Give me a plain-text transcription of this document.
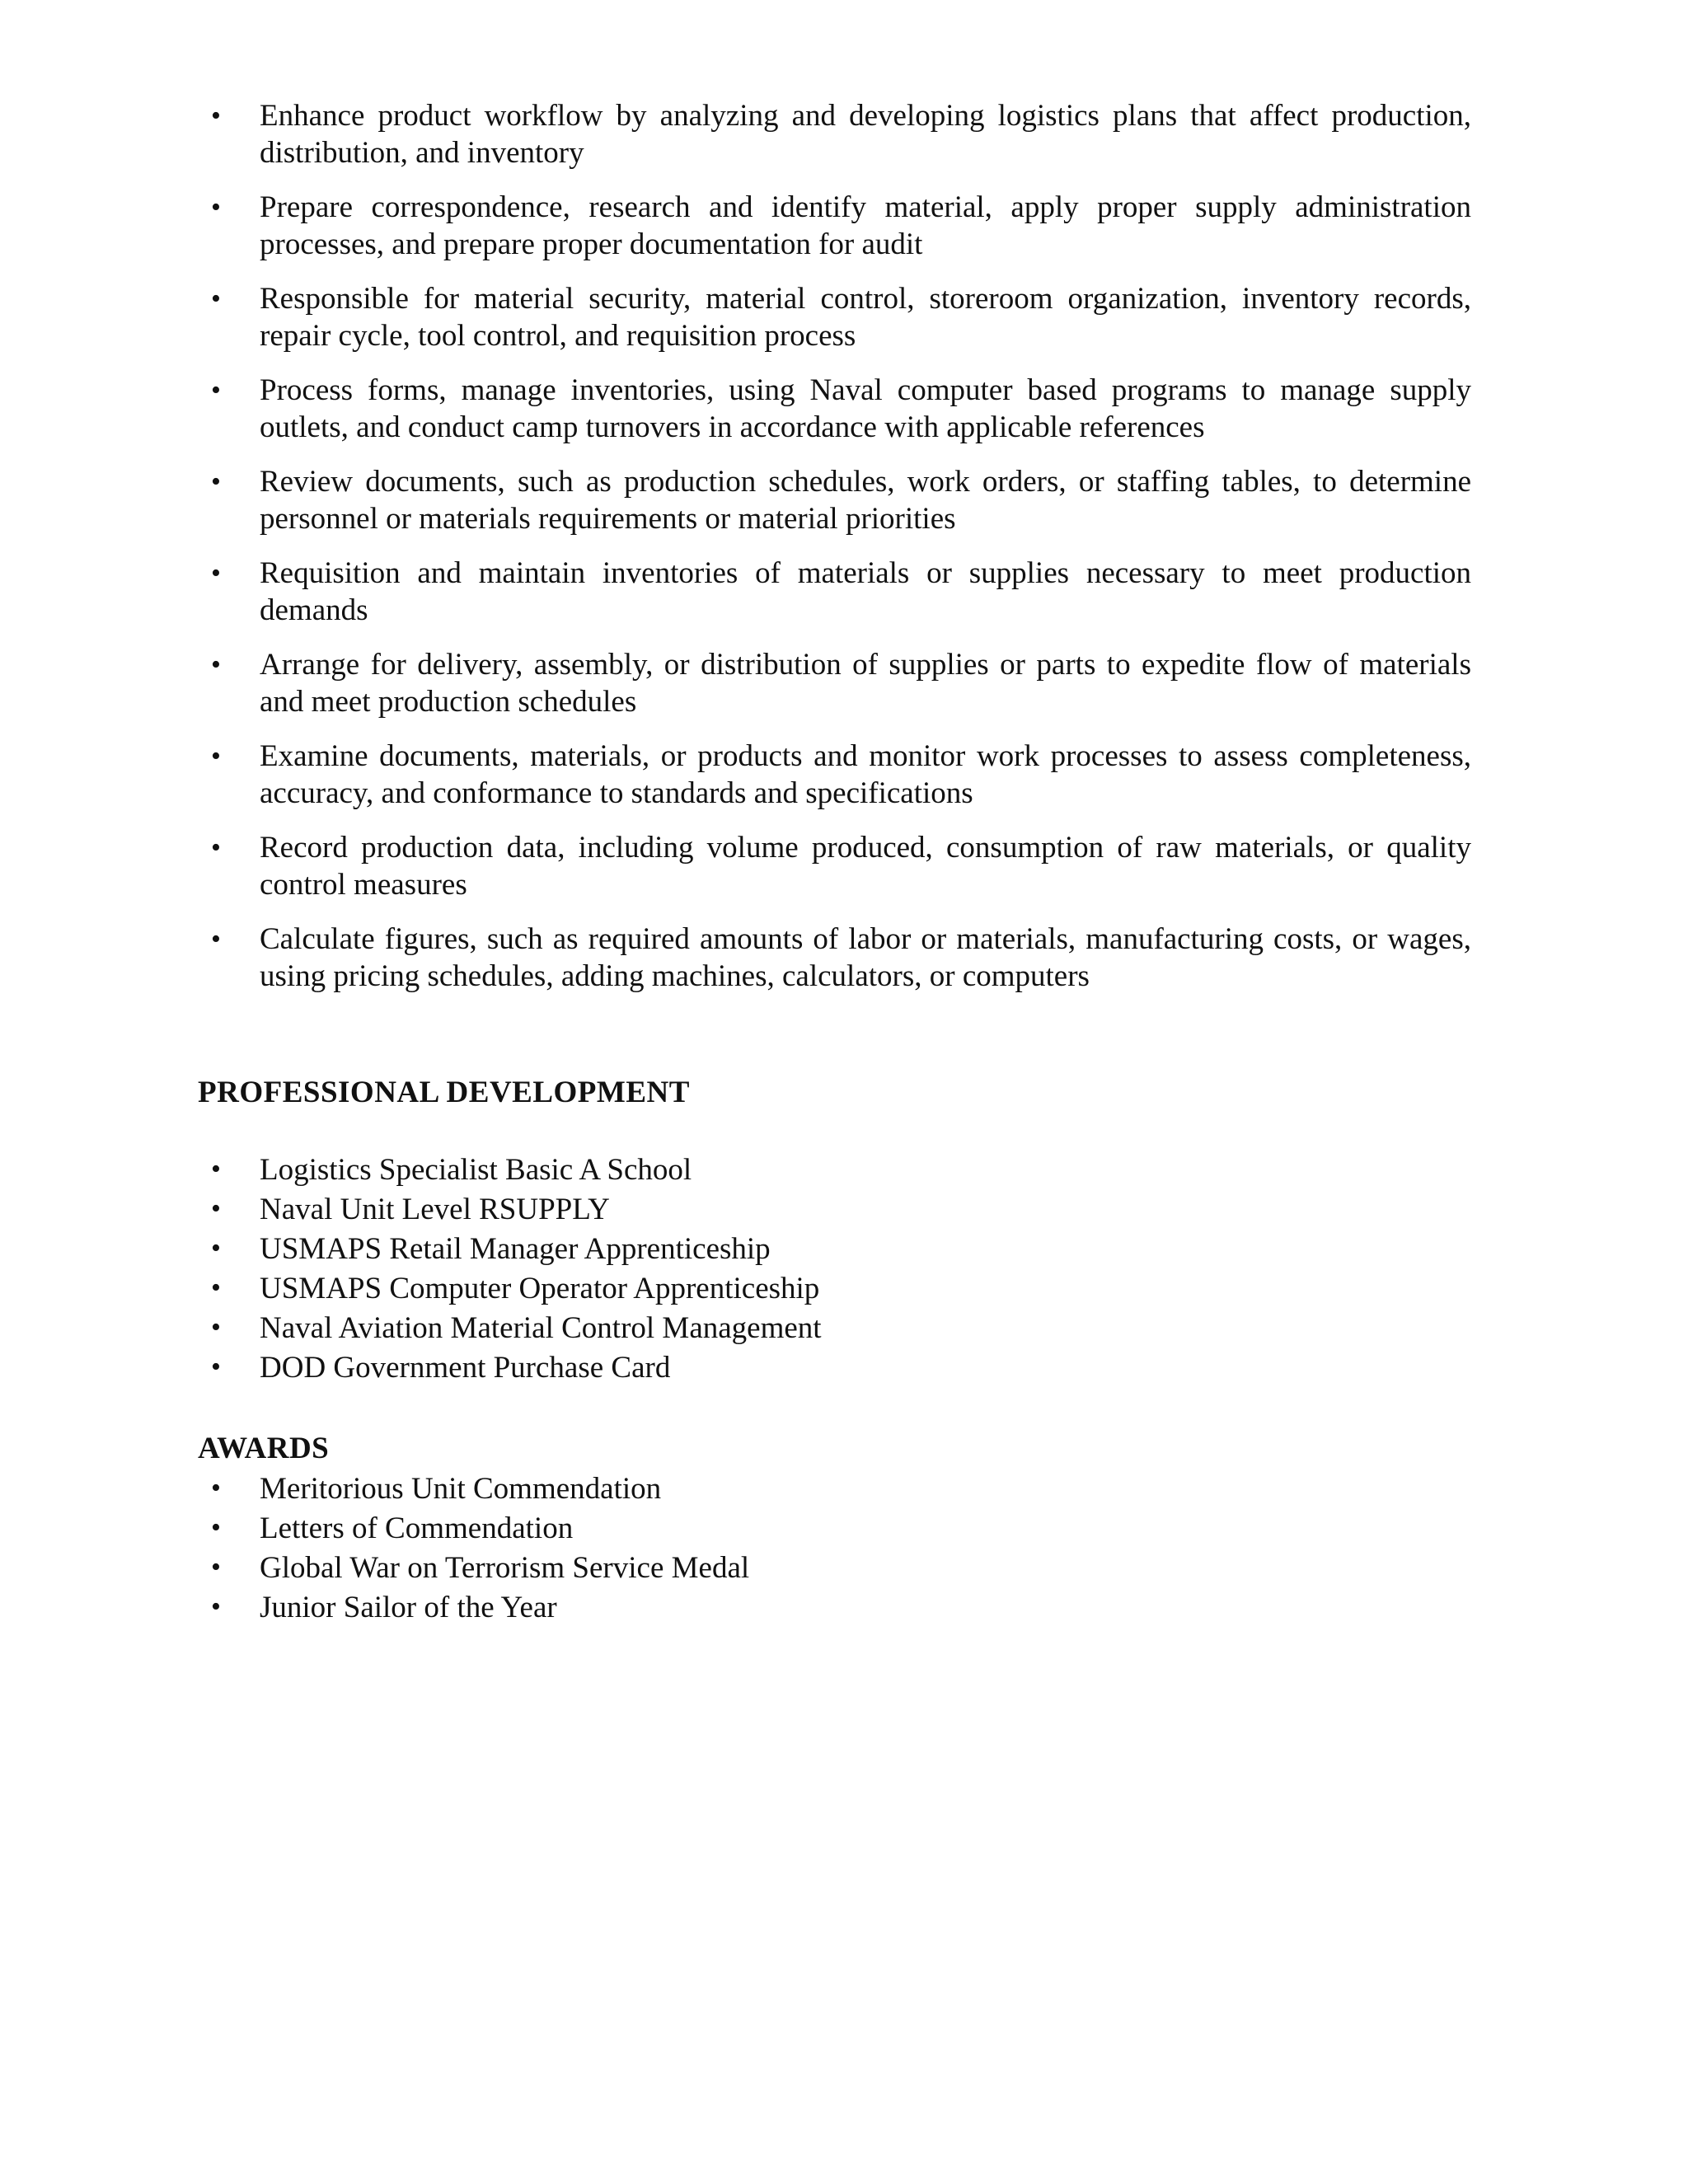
• Enhance product workflow by analyzing and developing logistics plans that affect production, distribution, and inventory
• Prepare correspondence, research and identify material, apply proper supply administration processes, and prepare proper documentation for audit
• Responsible for material security, material control, storeroom organization, inventory records, repair cycle, tool control, and requisition process
• Process forms, manage inventories, using Naval computer based programs to manage supply outlets, and conduct camp turnovers in accordance with applicable references
• Review documents, such as production schedules, work orders, or staffing tables, to determine personnel or materials requirements or material priorities
• Requisition and maintain inventories of materials or supplies necessary to meet production demands
• Arrange for delivery, assembly, or distribution of supplies or parts to expedite flow of materials and meet production schedules
• Examine documents, materials, or products and monitor work processes to assess completeness, accuracy, and conformance to standards and specifications
• Record production data, including volume produced, consumption of raw materials, or quality control measures
• Calculate figures, such as required amounts of labor or materials, manufacturing costs, or wages, using pricing schedules, adding machines, calculators, or computers
PROFESSIONAL DEVELOPMENT
• Logistics Specialist Basic A School
• Naval Unit Level RSUPPLY
• USMAPS Retail Manager Apprenticeship
• USMAPS Computer Operator Apprenticeship
• Naval Aviation Material Control Management
• DOD Government Purchase Card
AWARDS
• Meritorious Unit Commendation
• Letters of Commendation
• Global War on Terrorism Service Medal
• Junior Sailor of the Year
